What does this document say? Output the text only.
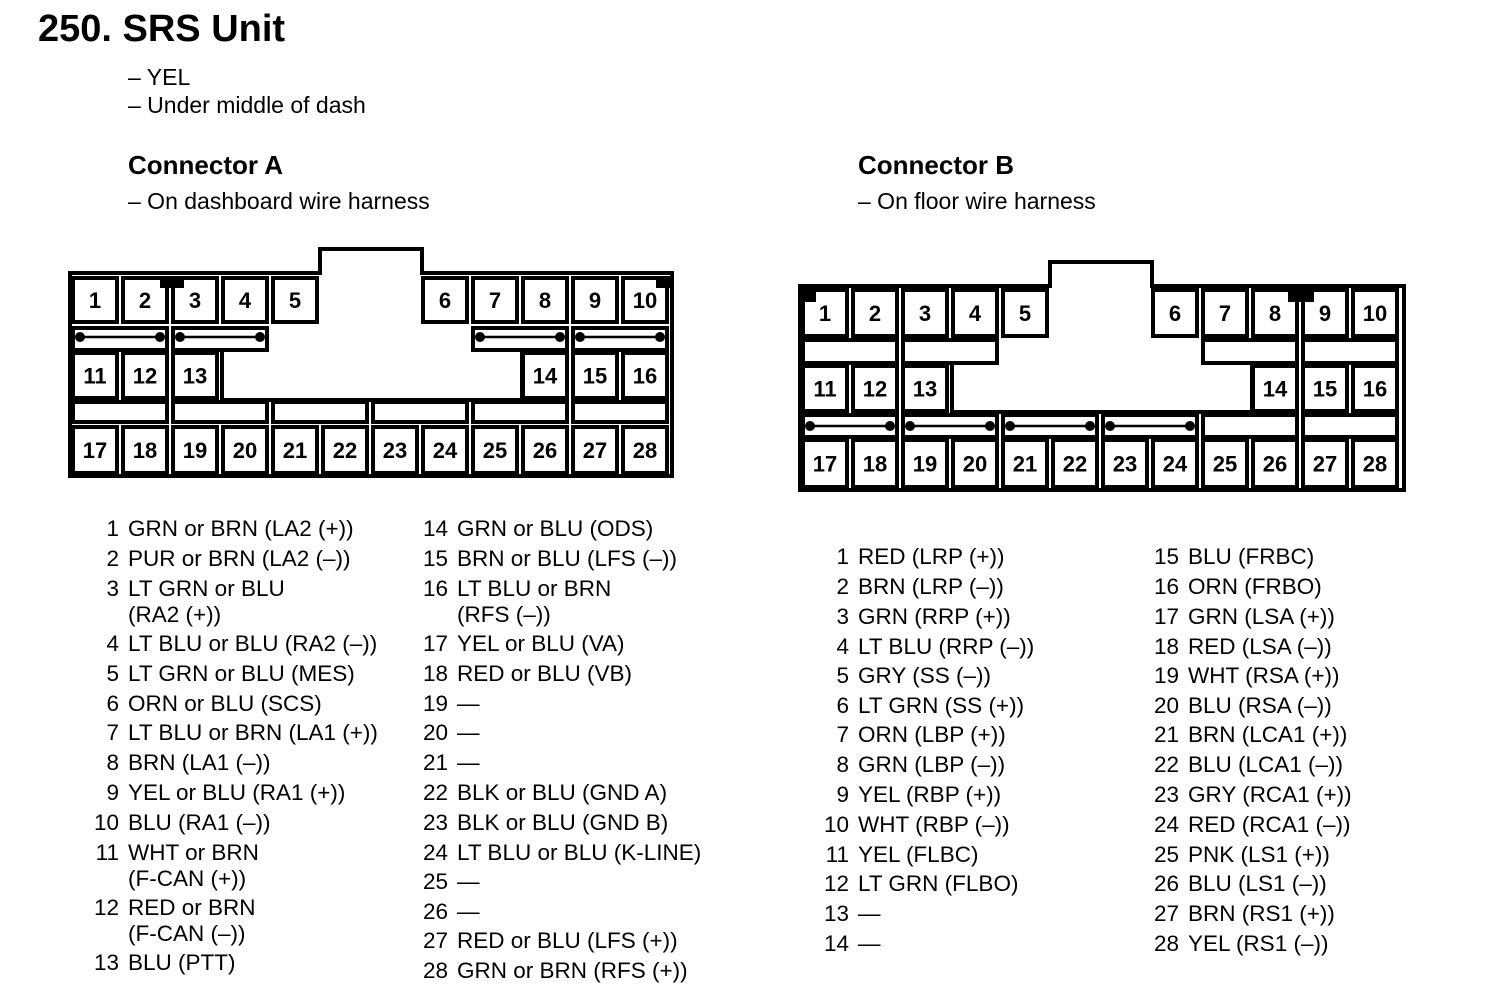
250. SRS Unit
– YEL
– Under middle of dash
Connector A
– On dashboard wire harness
Connector B
– On floor wire harness
1 2 3 4 5	6 7 8 9 10
11 12 13	14 15 16
17 18 19 20 21 22 23 24 25 26 27 28
1 2 3 4 5	6 7 8 9 10
11 12 13	14 15 16
17 18 19 20 21 22 23 24 25 26 27 28
1 GRN or BRN (LA2 (+))
2 PUR or BRN (LA2 (–))
3 LT GRN or BLU
(RA2 (+))
4 LT BLU or BLU (RA2 (–))
5 LT GRN or BLU (MES)
6 ORN or BLU (SCS)
7 LT BLU or BRN (LA1 (+))
8 BRN (LA1 (–))
9 YEL or BLU (RA1 (+))
10 BLU (RA1 (–))
11 WHT or BRN
(F-CAN (+))
12 RED or BRN
(F-CAN (–))
13 BLU (PTT)
14 GRN or BLU (ODS)
15 BRN or BLU (LFS (–))
16 LT BLU or BRN
(RFS (–))
17 YEL or BLU (VA)
18 RED or BLU (VB)
19 —
20 —
21 —
22 BLK or BLU (GND A)
23 BLK or BLU (GND B)
24 LT BLU or BLU (K-LINE)
25 —
26 —
27 RED or BLU (LFS (+))
28 GRN or BRN (RFS (+))
1 RED (LRP (+))
2 BRN (LRP (–))
3 GRN (RRP (+))
4 LT BLU (RRP (–))
5 GRY (SS (–))
6 LT GRN (SS (+))
7 ORN (LBP (+))
8 GRN (LBP (–))
9 YEL (RBP (+))
10 WHT (RBP (–))
11 YEL (FLBC)
12 LT GRN (FLBO)
13 —
14 —
15 BLU (FRBC)
16 ORN (FRBO)
17 GRN (LSA (+))
18 RED (LSA (–))
19 WHT (RSA (+))
20 BLU (RSA (–))
21 BRN (LCA1 (+))
22 BLU (LCA1 (–))
23 GRY (RCA1 (+))
24 RED (RCA1 (–))
25 PNK (LS1 (+))
26 BLU (LS1 (–))
27 BRN (RS1 (+))
28 YEL (RS1 (–))
